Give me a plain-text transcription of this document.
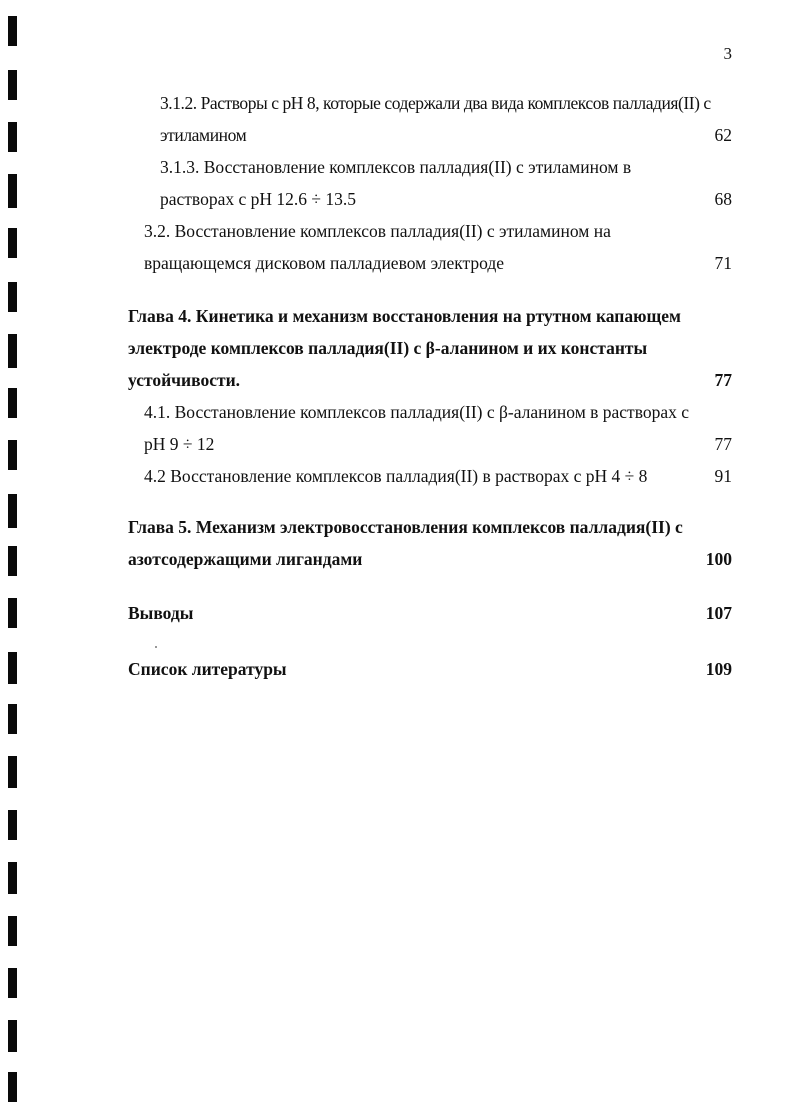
3
3.1.2. Растворы с pH 8, которые содержали два вида комплексов палладия(II) с
этиламином	62
3.1.3. Восстановление комплексов палладия(II) с этиламином в
растворах с pH 12.6 ÷ 13.5	68
3.2. Восстановление комплексов палладия(II) с этиламином на
вращающемся дисковом палладиевом электроде	71
Глава 4. Кинетика и механизм восстановления на ртутном капающем
электроде комплексов палладия(II) с β-аланином и их константы
устойчивости.	77
4.1. Восстановление комплексов палладия(II) с β-аланином в растворах с
pH 9 ÷ 12	77
4.2 Восстановление комплексов палладия(II) в растворах с pH 4 ÷ 8	91
Глава 5. Механизм электровосстановления комплексов палладия(II) с
азотсодержащими лигандами	100
Выводы	107
Список литературы	109
